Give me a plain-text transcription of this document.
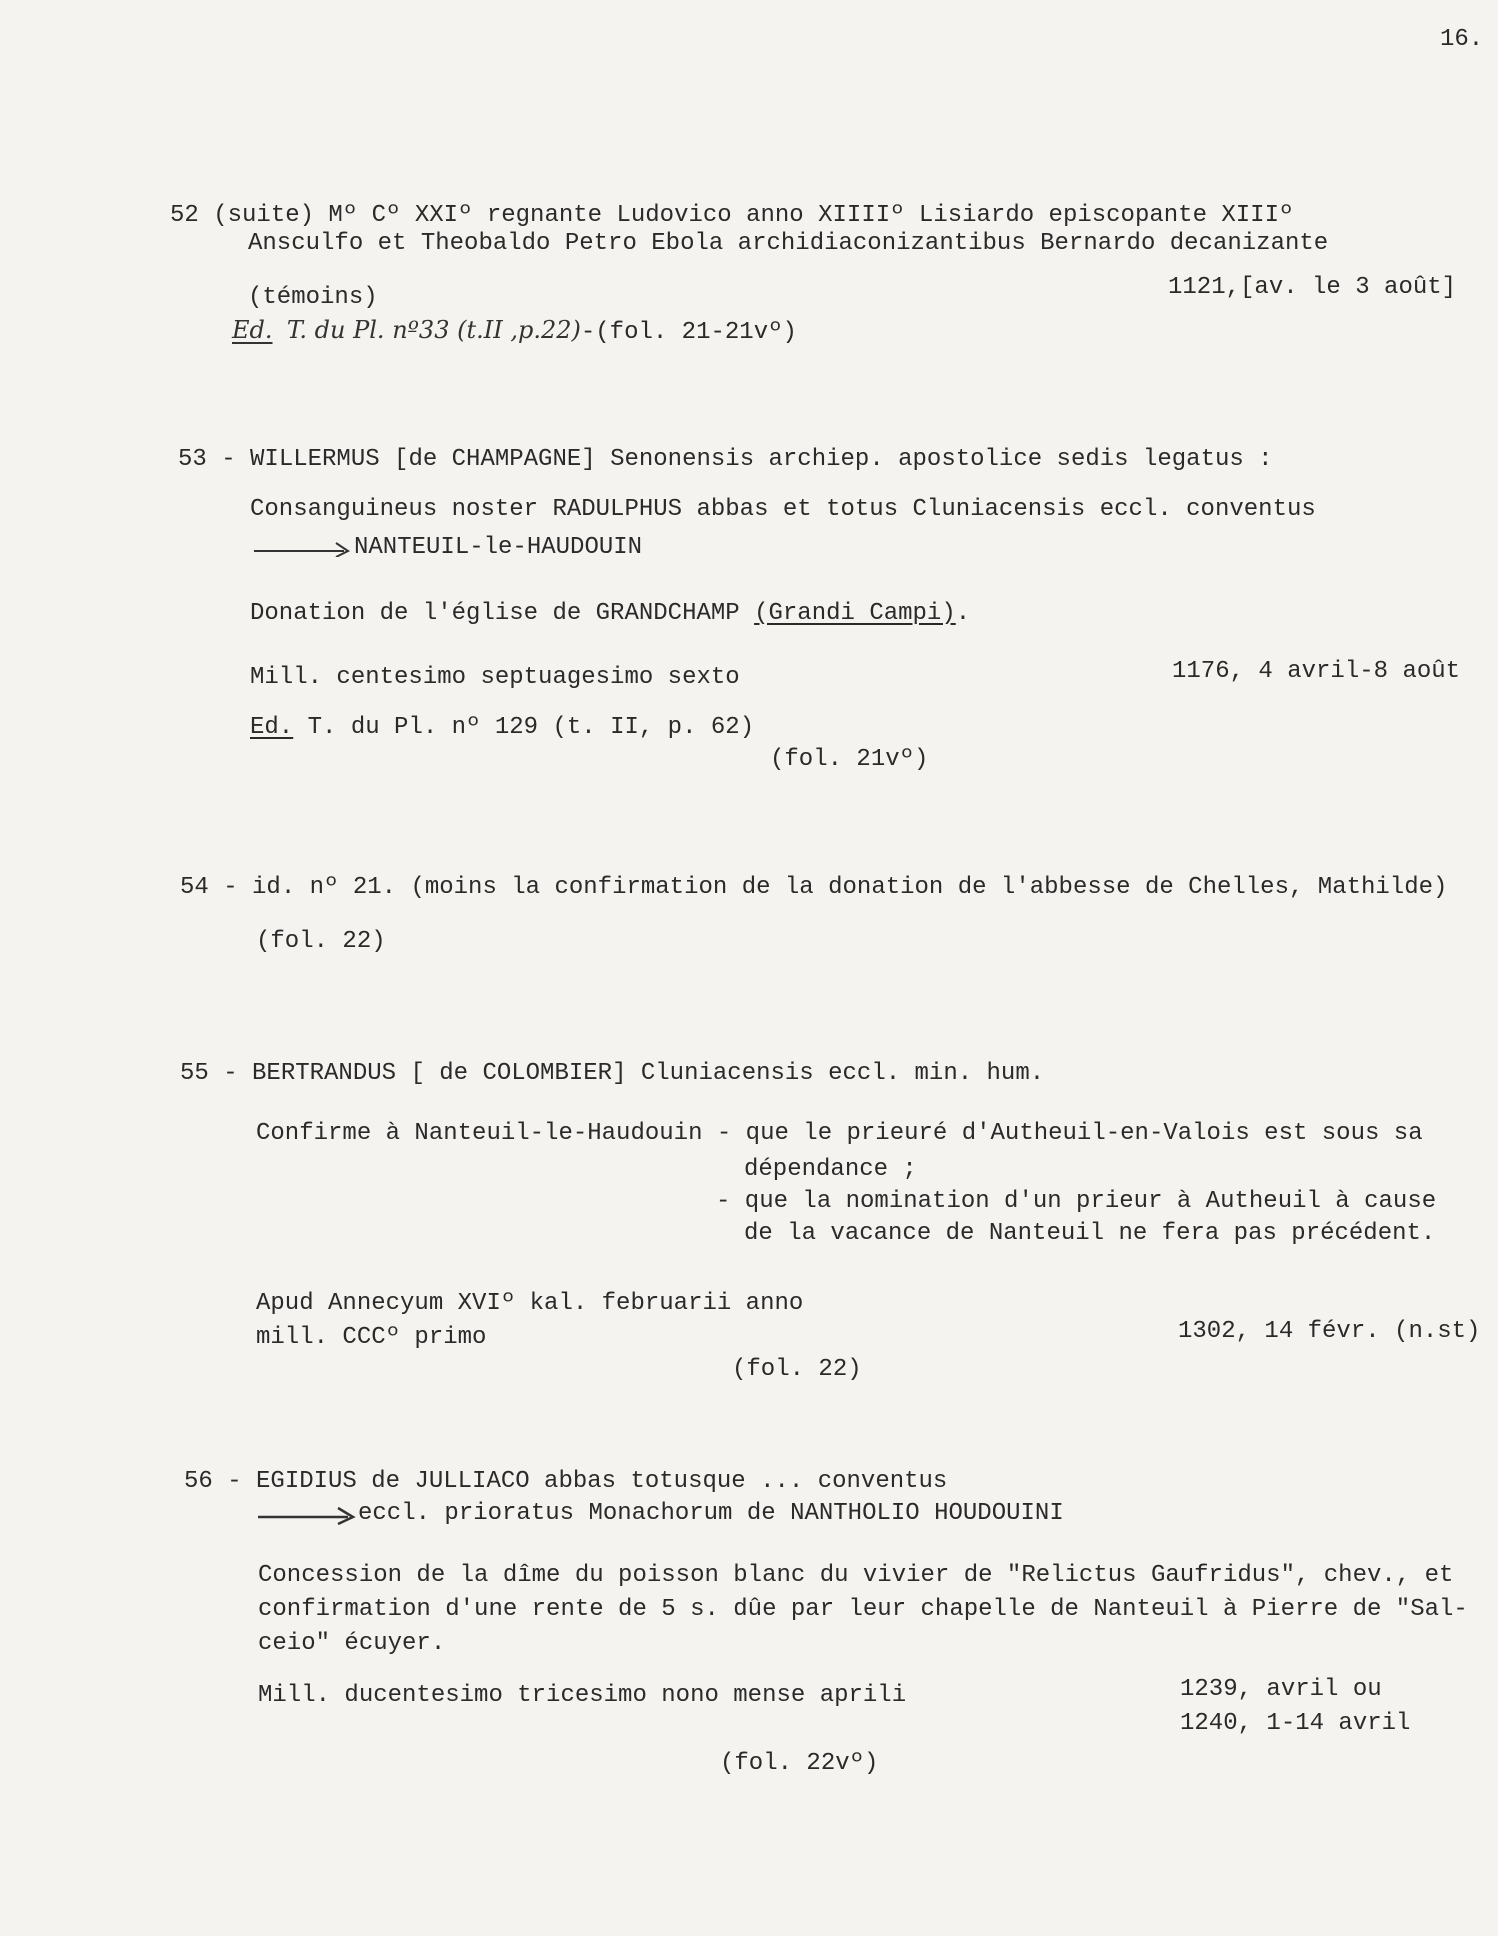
16.
52 (suite) Mº Cº XXIº regnante Ludovico anno XIIIIº Lisiardo episcopante XIIIº
Ansculfo et Theobaldo Petro Ebola archidiaconizantibus Bernardo decanizante
(témoins)	1121,[av. le 3 août]
Ed. T. du Pl. nº33 (t.II ,p.22)-(fol. 21-21vº)
53 - WILLERMUS [de CHAMPAGNE] Senonensis archiep. apostolice sedis legatus :
Consanguineus noster RADULPHUS abbas et totus Cluniacensis eccl. conventus
NANTEUIL-le-HAUDOUIN
Donation de l'église de GRANDCHAMP (Grandi Campi).
Mill. centesimo septuagesimo sexto	1176, 4 avril-8 août
Ed. T. du Pl. nº 129 (t. II, p. 62)
(fol. 21vº)
54 - id. nº 21. (moins la confirmation de la donation de l'abbesse de Chelles, Mathilde)
(fol. 22)
55 - BERTRANDUS [ de COLOMBIER] Cluniacensis eccl. min. hum.
Confirme à Nanteuil-le-Haudouin - que le prieuré d'Autheuil-en-Valois est sous sa
dépendance ;
- que la nomination d'un prieur à Autheuil à cause
de la vacance de Nanteuil ne fera pas précédent.
Apud Annecyum XVIº kal. februarii anno
mill. CCCº primo	1302, 14 févr. (n.st)
(fol. 22)
56 - EGIDIUS de JULLIACO abbas totusque ... conventus
eccl. prioratus Monachorum de NANTHOLIO HOUDOUINI
Concession de la dîme du poisson blanc du vivier de "Relictus Gaufridus", chev., et
confirmation d'une rente de 5 s. dûe par leur chapelle de Nanteuil à Pierre de "Sal-
ceio" écuyer.
Mill. ducentesimo tricesimo nono mense aprili	1239, avril ou
1240, 1-14 avril
(fol. 22vº)
